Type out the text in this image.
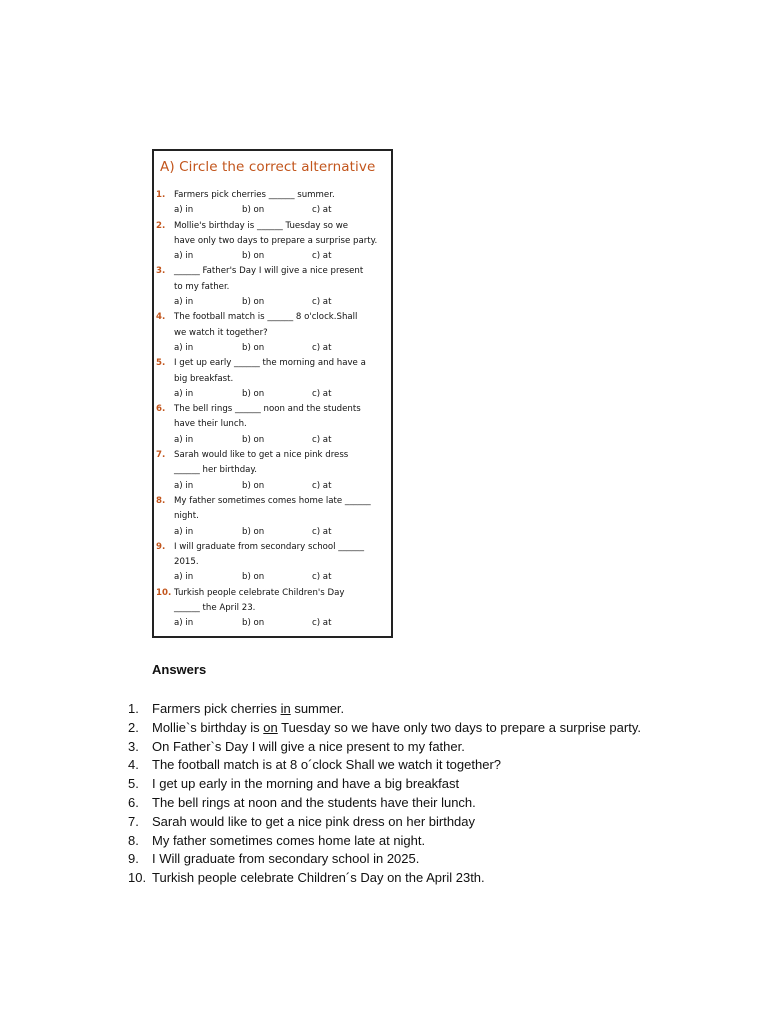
A) Circle the correct alternative
1.	Farmers pick cherries ______ summer.
a) in	b) on	c) at
2.	Mollie's birthday is ______ Tuesday so we
have only two days to prepare a surprise party.
a) in	b) on	c) at
3.	______ Father's Day I will give a nice present
to my father.
a) in	b) on	c) at
4.	The football match is ______ 8 o'clock.Shall
we watch it together?
a) in	b) on	c) at
5.	I get up early ______ the morning and have a
big breakfast.
a) in	b) on	c) at
6.	The bell rings ______ noon and the students
have their lunch.
a) in	b) on	c) at
7.	Sarah would like to get a nice pink dress
______ her birthday.
a) in	b) on	c) at
8.	My father sometimes comes home late ______
night.
a) in	b) on	c) at
9.	I will graduate from secondary school ______
2015.
a) in	b) on	c) at
10. Turkish people celebrate Children's Day
______ the April 23.
a) in	b) on	c) at
Answers
1.	Farmers pick cherries in summer.
2.	Mollie`s birthday is on Tuesday so we have only two days to prepare a surprise party.
3.	On Father`s Day I will give a nice present to my father.
4.	The football match is at 8 o´clock Shall we watch it together?
5.	I get up early in the morning and have a big breakfast
6.	The bell rings at noon and the students have their lunch.
7.	Sarah would like to get a nice pink dress on her birthday
8.	My father sometimes comes home late at night.
9.	I Will graduate from secondary school in 2025.
10. Turkish people celebrate Children´s Day on the April 23th.
